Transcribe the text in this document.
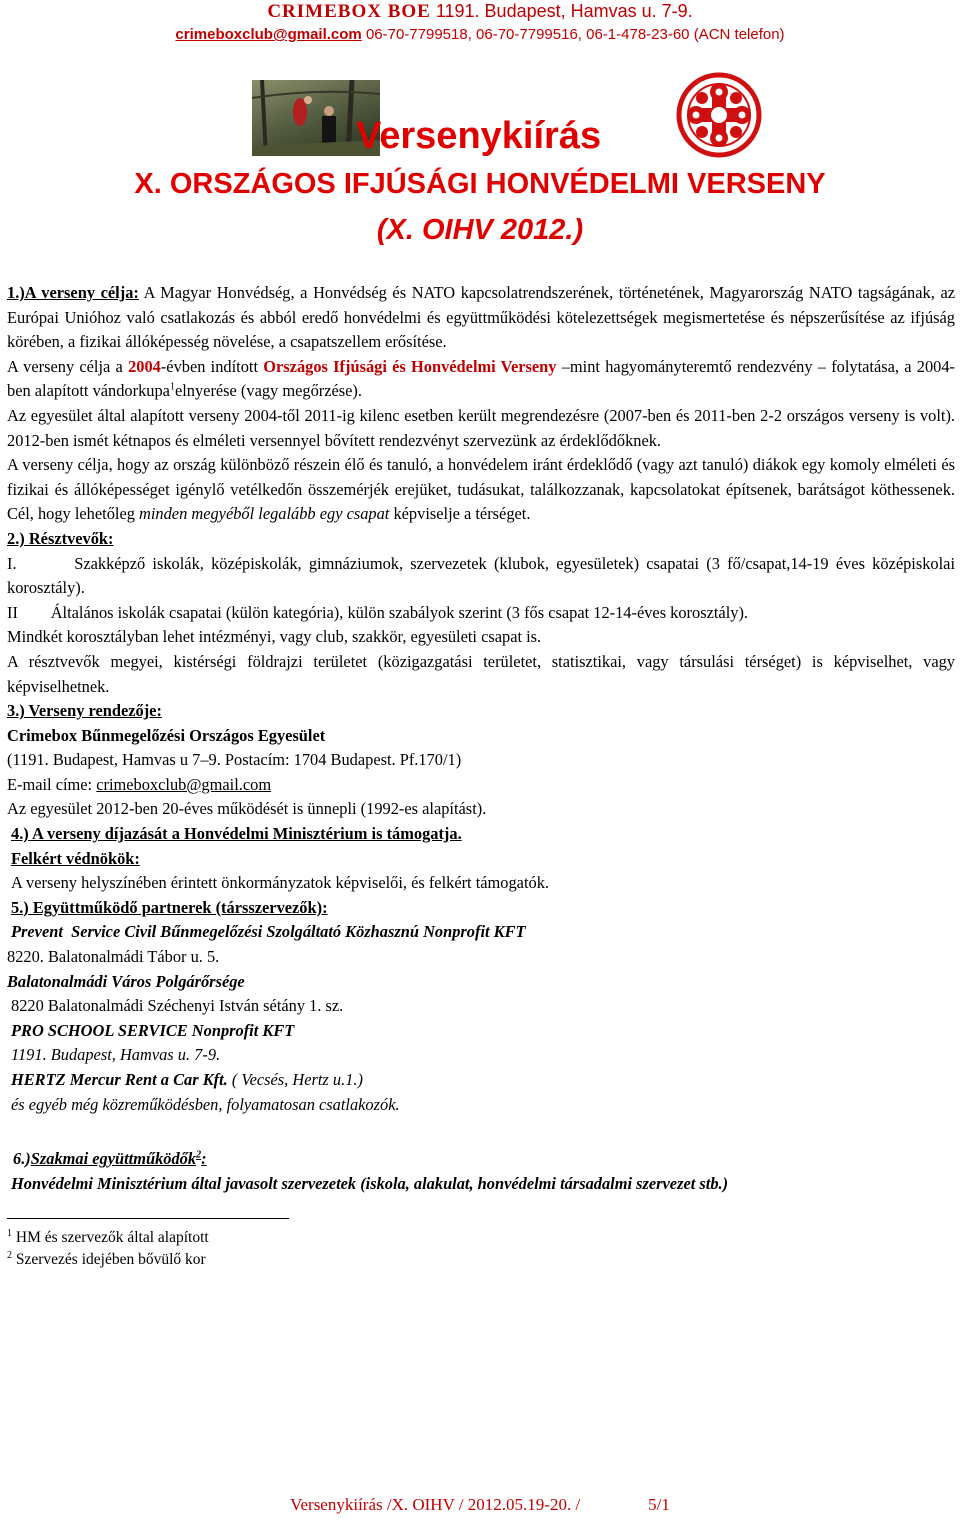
CRIMEBOX BOE 1191. Budapest, Hamvas u. 7-9.
crimeboxclub@gmail.com 06-70-7799518, 06-70-7799516, 06-1-478-23-60 (ACN telefon)
Versenykiírás
X. ORSZÁGOS IFJÚSÁGI HONVÉDELMI VERSENY
(X. OIHV 2012.)

1.)A verseny célja: A Magyar Honvédség, a Honvédség és NATO kapcsolatrendszerének, történetének, Magyarország NATO tagságának, az Európai Unióhoz való csatlakozás és abból eredő honvédelmi és együttműködési kötelezettségek megismertetése és népszerűsítése az ifjúság körében, a fizikai állóképesség növelése, a csapatszellem erősítése.

A verseny célja a 2004-évben indított Országos Ifjúsági és Honvédelmi Verseny –mint hagyományteremtő rendezvény – folytatása, a 2004-ben alapított vándorkupa$^1$elnyerése (vagy megőrzése).

Az egyesület által alapított verseny 2004-től 2011-ig kilenc esetben került megrendezésre (2007-ben és 2011-ben 2-2 országos verseny is volt). 2012-ben ismét kétnapos és elméleti versennyel bővített rendezvényt szervezünk az érdeklődőknek.

A verseny célja, hogy az ország különböző részein élő és tanuló, a honvédelem iránt érdeklődő (vagy azt tanuló) diákok egy komoly elméleti és fizikai és állóképességet igénylő vetélkedőn összemérjék erejüket, tudásukat, találkozzanak, kapcsolatokat építsenek, barátságot köthessenek. Cél, hogy lehetőleg minden megyéből legalább egy csapat képviselje a térséget.

2.) Résztvevők:

I.        Szakképző iskolák, középiskolák, gimnáziumok, szervezetek (klubok, egyesületek) csapatai (3 fő/csapat,14-19 éves középiskolai korosztály).

II        Általános iskolák csapatai (külön kategória), külön szabályok szerint (3 fős csapat 12-14-éves korosztály).

Mindkét korosztályban lehet intézményi, vagy club, szakkör, egyesületi csapat is.

A résztvevők megyei, kistérségi földrajzi területet (közigazgatási területet, statisztikai, vagy társulási térséget) is képviselhet, vagy képviselhetnek.

3.) Verseny rendezője:

Crimebox Bűnmegelőzési Országos Egyesület

(1191. Budapest, Hamvas u 7–9. Postacím: 1704 Budapest. Pf.170/1)

E-mail címe: crimeboxclub@gmail.com

Az egyesület 2012-ben 20-éves működését is ünnepli (1992-es alapítást).

4.) A verseny díjazását a Honvédelmi Minisztérium is támogatja.

Felkért védnökök:

A verseny helyszínében érintett önkormányzatok képviselői, és felkért támogatók.

5.) Együttműködő partnerek (társszervezők):

Prevent  Service Civil Bűnmegelőzési Szolgáltató Közhasznú Nonprofit KFT

8220. Balatonalmádi Tábor u. 5.

Balatonalmádi Város Polgárőrsége

8220 Balatonalmádi Széchenyi István sétány 1. sz.

PRO SCHOOL SERVICE Nonprofit KFT

1191. Budapest, Hamvas u. 7-9.

HERTZ Mercur Rent a Car Kft. ( Vecsés, Hertz u.1.)

és egyéb még közreműködésben, folyamatosan csatlakozók.

6.)Szakmai együttműködők$^2$:

Honvédelmi Minisztérium által javasolt szervezetek (iskola, alakulat, honvédelmi társadalmi szervezet stb.)

$^1$ HM és szervezők által alapított
$^2$ Szervezés idejében bővülő kor
Versenykiírás /X. OIHV / 2012.05.19-20. /                5/1
